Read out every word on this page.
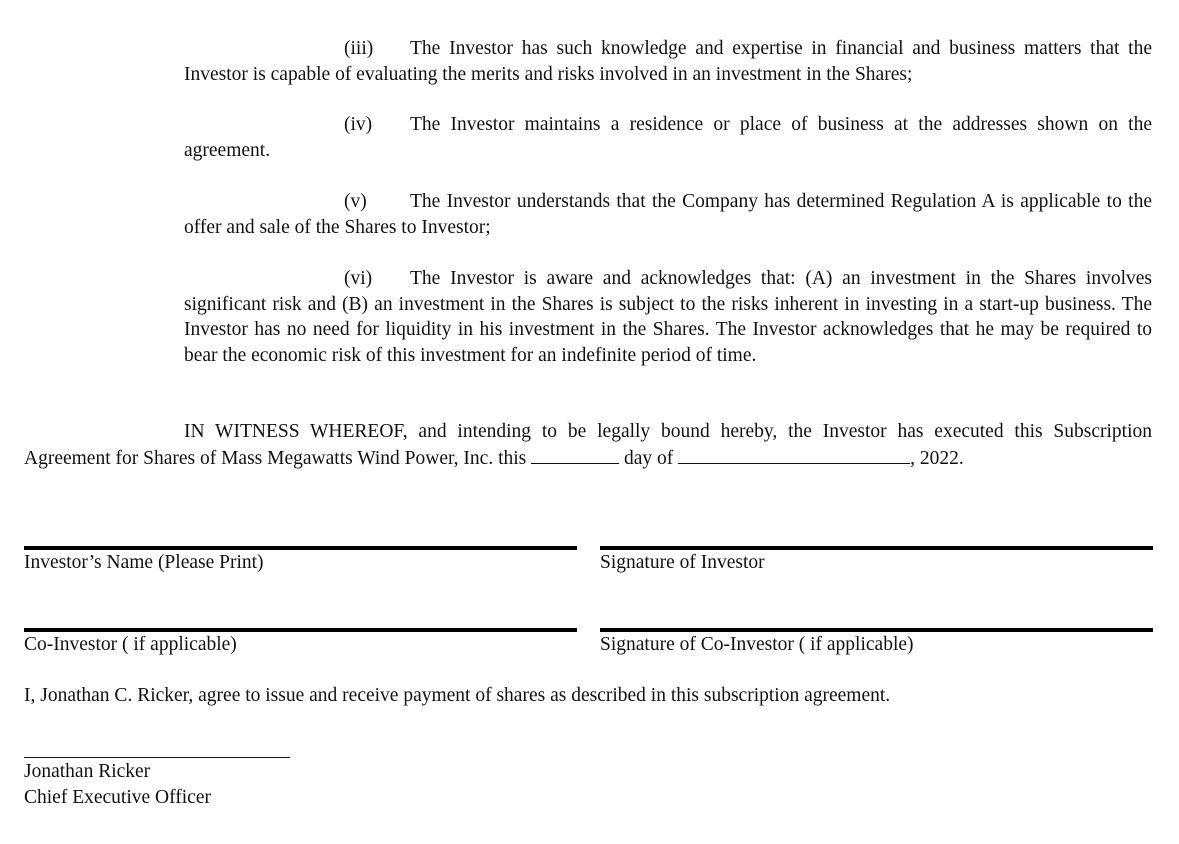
(iii) The Investor has such knowledge and expertise in financial and business matters that the Investor is capable of evaluating the merits and risks involved in an investment in the Shares;

(iv) The Investor maintains a residence or place of business at the addresses shown on the agreement.

(v) The Investor understands that the Company has determined Regulation A is applicable to the offer and sale of the Shares to Investor;

(vi) The Investor is aware and acknowledges that: (A) an investment in the Shares involves significant risk and (B) an investment in the Shares is subject to the risks inherent in investing in a start-up business. The Investor has no need for liquidity in his investment in the Shares. The Investor acknowledges that he may be required to bear the economic risk of this investment for an indefinite period of time.

IN WITNESS WHEREOF, and intending to be legally bound hereby, the Investor has executed this Subscription Agreement for Shares of Mass Megawatts Wind Power, Inc. this	day of	, 2022.

Investor’s Name (Please Print)	Signature of Investor

Co-Investor ( if applicable)	Signature of Co-Investor ( if applicable)

I, Jonathan C. Ricker, agree to issue and receive payment of shares as described in this subscription agreement.

Jonathan Ricker

Chief Executive Officer
